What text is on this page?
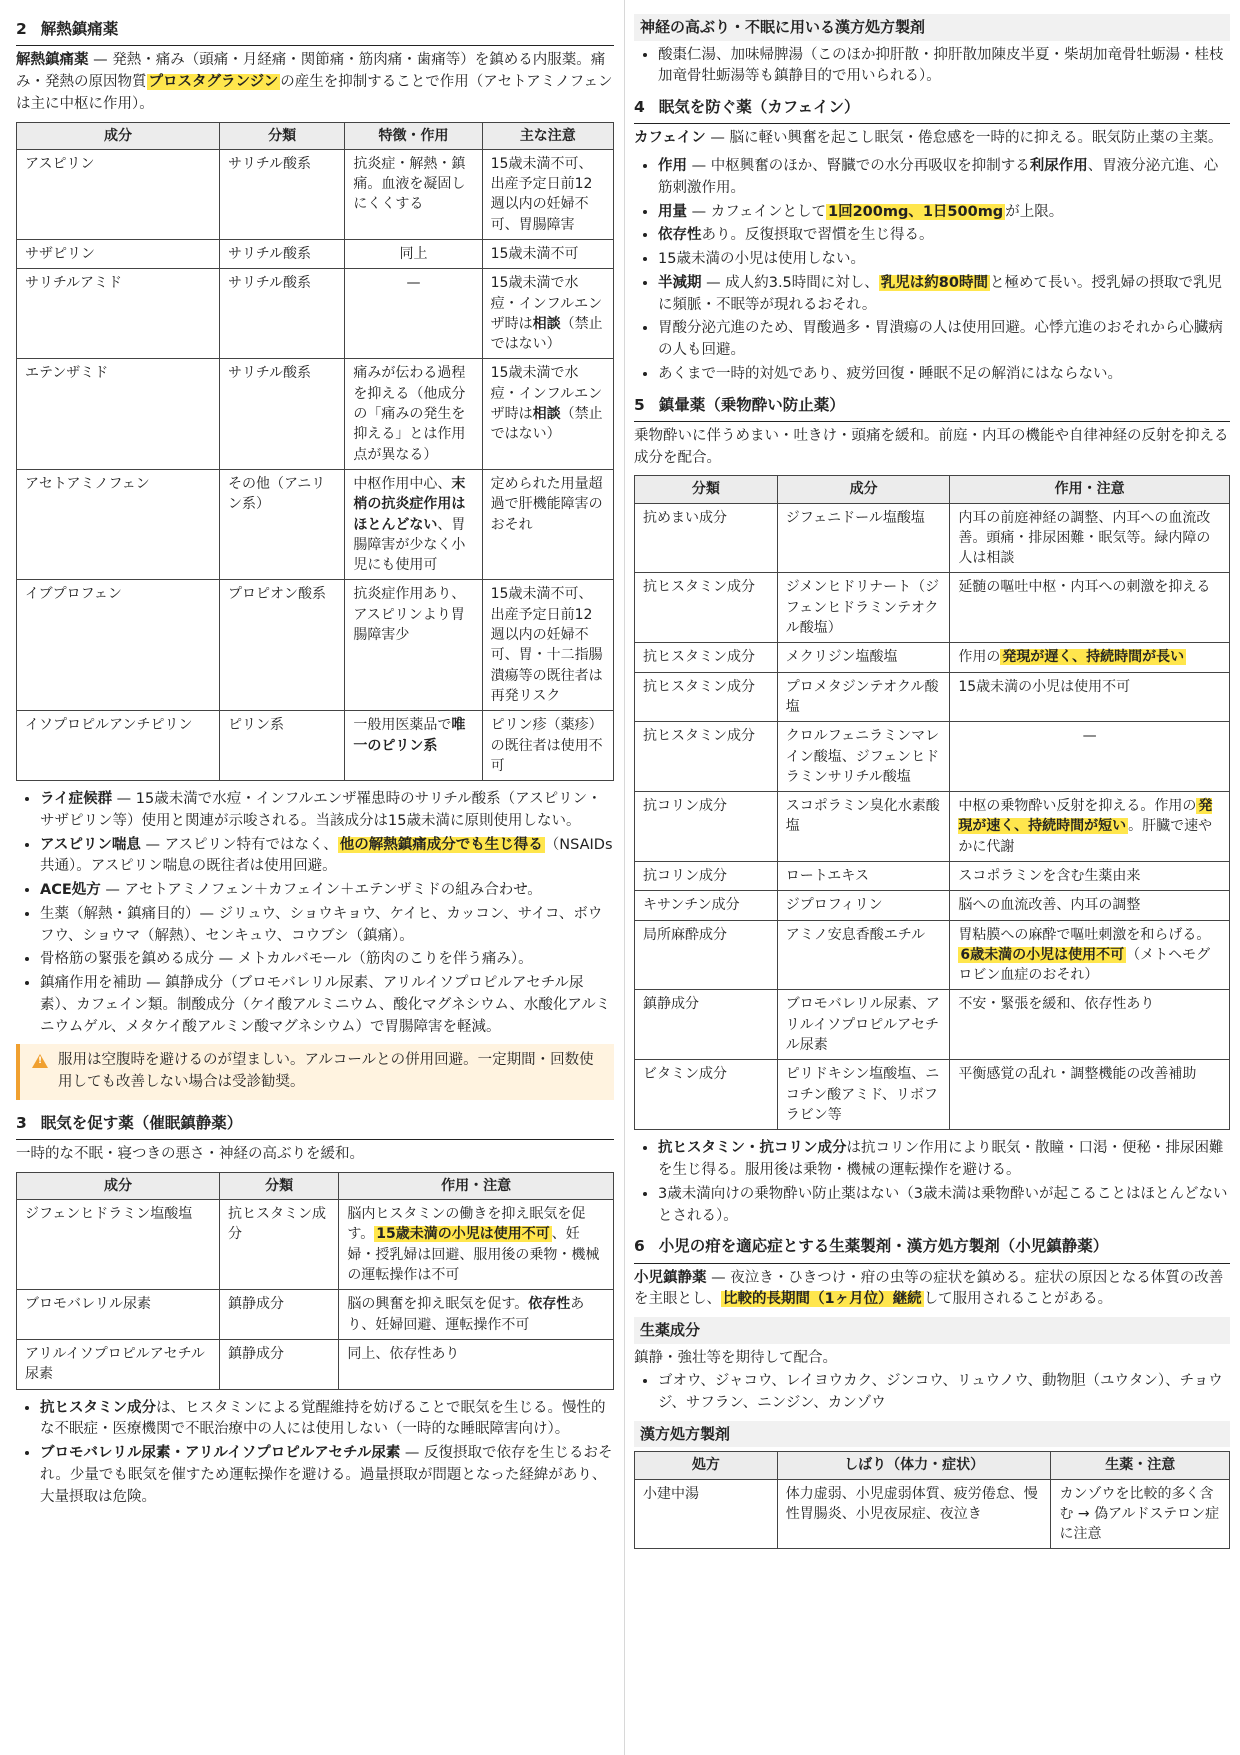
2 解熱鎮痛薬

解熱鎮痛薬 — 発熱・痛み（頭痛・月経痛・関節痛・筋肉痛・歯痛等）を鎮める内服薬。痛み・発熱の原因物質 プロスタグランジン の産生を抑制することで作用（アセトアミノフェンは主に中枢に作用）。

成分	分類	特徴・作用	主な注意
アスピリン	サリチル酸系	抗炎症・解熱・鎮痛。血液を凝固しにくくする	15歳未満不可、出産予定日前12週以内の妊婦不可、胃腸障害
サザピリン	サリチル酸系	同上	15歳未満不可
サリチルアミド	サリチル酸系	—	15歳未満で水痘・インフルエンザ時は相談（禁止ではない）
エテンザミド	サリチル酸系	痛みが伝わる過程を抑える（他成分の「痛みの発生を抑える」とは作用点が異なる）	15歳未満で水痘・インフルエンザ時は相談（禁止ではない）
アセトアミノフェン	その他（アニリン系）	中枢作用中心、末梢の抗炎症作用はほとんどない、胃腸障害が少なく小児にも使用可	定められた用量超過で肝機能障害のおそれ
イブプロフェン	プロピオン酸系	抗炎症作用あり、アスピリンより胃腸障害少	15歳未満不可、出産予定日前12週以内の妊婦不可、胃・十二指腸潰瘍等の既往者は再発リスク
イソプロピルアンチピリン	ピリン系	一般用医薬品で唯一のピリン系	ピリン疹（薬疹）の既往者は使用不可
• ライ症候群 — 15歳未満で水痘・インフルエンザ罹患時のサリチル酸系（アスピリン・サザピリン等）使用と関連が示唆される。当該成分は15歳未満に原則使用しない。
• アスピリン喘息 — アスピリン特有ではなく、 他の解熱鎮痛成分でも生じ得る （NSAIDs共通）。アスピリン喘息の既往者は使用回避。
• ACE処方 — アセトアミノフェン＋カフェイン＋エテンザミドの組み合わせ。
• 生薬（解熱・鎮痛目的）— ジリュウ、ショウキョウ、ケイヒ、カッコン、サイコ、ボウフウ、ショウマ（解熱）、センキュウ、コウブシ（鎮痛）。
• 骨格筋の緊張を鎮める成分 — メトカルバモール（筋肉のこりを伴う痛み）。
• 鎮痛作用を補助 — 鎮静成分（ブロモバレリル尿素、アリルイソプロピルアセチル尿素）、カフェイン類。制酸成分（ケイ酸アルミニウム、酸化マグネシウム、水酸化アルミニウムゲル、メタケイ酸アルミン酸マグネシウム）で胃腸障害を軽減。
! 服用は空腹時を避けるのが望ましい。アルコールとの併用回避。一定期間・回数使用しても改善しない場合は受診勧奨。
3 眠気を促す薬（催眠鎮静薬）

一時的な不眠・寝つきの悪さ・神経の高ぶりを緩和。

成分	分類	作用・注意
ジフェンヒドラミン塩酸塩	抗ヒスタミン成分	脳内ヒスタミンの働きを抑え眠気を促す。 15歳未満の小児は使用不可 、妊婦・授乳婦は回避、服用後の乗物・機械の運転操作は不可
ブロモバレリル尿素	鎮静成分	脳の興奮を抑え眠気を促す。依存性あり、妊婦回避、運転操作不可
アリルイソプロピルアセチル尿素	鎮静成分	同上、依存性あり
• 抗ヒスタミン成分は、ヒスタミンによる覚醒維持を妨げることで眠気を生じる。慢性的な不眠症・医療機関で不眠治療中の人には使用しない（一時的な睡眠障害向け）。
• ブロモバレリル尿素・アリルイソプロピルアセチル尿素 — 反復摂取で依存を生じるおそれ。少量でも眠気を催すため運転操作を避ける。過量摂取が問題となった経緯があり、大量摂取は危険。
神経の高ぶり・不眠に用いる漢方処方製剤
• 酸棗仁湯、加味帰脾湯（このほか抑肝散・抑肝散加陳皮半夏・柴胡加竜骨牡蛎湯・桂枝加竜骨牡蛎湯等も鎮静目的で用いられる）。
4 眠気を防ぐ薬（カフェイン）

カフェイン — 脳に軽い興奮を起こし眠気・倦怠感を一時的に抑える。眠気防止薬の主薬。

• 作用 — 中枢興奮のほか、腎臓での水分再吸収を抑制する利尿作用、胃液分泌亢進、心筋刺激作用。
• 用量 — カフェインとして 1回200mg、1日500mg が上限。
• 依存性あり。反復摂取で習慣を生じ得る。
• 15歳未満の小児は使用しない。
• 半減期 — 成人約3.5時間に対し、 乳児は約80時間 と極めて長い。授乳婦の摂取で乳児に頻脈・不眠等が現れるおそれ。
• 胃酸分泌亢進のため、胃酸過多・胃潰瘍の人は使用回避。心悸亢進のおそれから心臓病の人も回避。
• あくまで一時的対処であり、疲労回復・睡眠不足の解消にはならない。
5 鎮暈薬（乗物酔い防止薬）

乗物酔いに伴うめまい・吐きけ・頭痛を緩和。前庭・内耳の機能や自律神経の反射を抑える成分を配合。

分類	成分	作用・注意
抗めまい成分	ジフェニドール塩酸塩	内耳の前庭神経の調整、内耳への血流改善。頭痛・排尿困難・眠気等。緑内障の人は相談
抗ヒスタミン成分	ジメンヒドリナート（ジフェンヒドラミンテオクル酸塩）	延髄の嘔吐中枢・内耳への刺激を抑える
抗ヒスタミン成分	メクリジン塩酸塩	作用の 発現が遅く、持続時間が長い
抗ヒスタミン成分	プロメタジンテオクル酸塩	15歳未満の小児は使用不可
抗ヒスタミン成分	クロルフェニラミンマレイン酸塩、ジフェンヒドラミンサリチル酸塩	—
抗コリン成分	スコポラミン臭化水素酸塩	中枢の乗物酔い反射を抑える。作用の 発現が速く、持続時間が短い 。肝臓で速やかに代謝
抗コリン成分	ロートエキス	スコポラミンを含む生薬由来
キサンチン成分	ジプロフィリン	脳への血流改善、内耳の調整
局所麻酔成分	アミノ安息香酸エチル	胃粘膜への麻酔で嘔吐刺激を和らげる。6歳未満の小児は使用不可 （メトヘモグロビン血症のおそれ）
鎮静成分	ブロモバレリル尿素、アリルイソプロピルアセチル尿素	不安・緊張を緩和、依存性あり
ビタミン成分	ピリドキシン塩酸塩、ニコチン酸アミド、リボフラビン等	平衡感覚の乱れ・調整機能の改善補助
• 抗ヒスタミン・抗コリン成分は抗コリン作用により眠気・散瞳・口渇・便秘・排尿困難を生じ得る。服用後は乗物・機械の運転操作を避ける。
• 3歳未満向けの乗物酔い防止薬はない（3歳未満は乗物酔いが起こることはほとんどないとされる）。
6 小児の疳を適応症とする生薬製剤・漢方処方製剤（小児鎮静薬）

小児鎮静薬 — 夜泣き・ひきつけ・疳の虫等の症状を鎮める。症状の原因となる体質の改善を主眼とし、 比較的長期間（1ヶ月位）継続 して服用されることがある。

生薬成分

鎮静・強壮等を期待して配合。

• ゴオウ、ジャコウ、レイヨウカク、ジンコウ、リュウノウ、動物胆（ユウタン）、チョウジ、サフラン、ニンジン、カンゾウ
漢方処方製剤
処方	しばり（体力・症状）	生薬・注意
小建中湯	体力虚弱、小児虚弱体質、疲労倦怠、慢性胃腸炎、小児夜尿症、夜泣き	カンゾウを比較的多く含む → 偽アルドステロン症に注意
